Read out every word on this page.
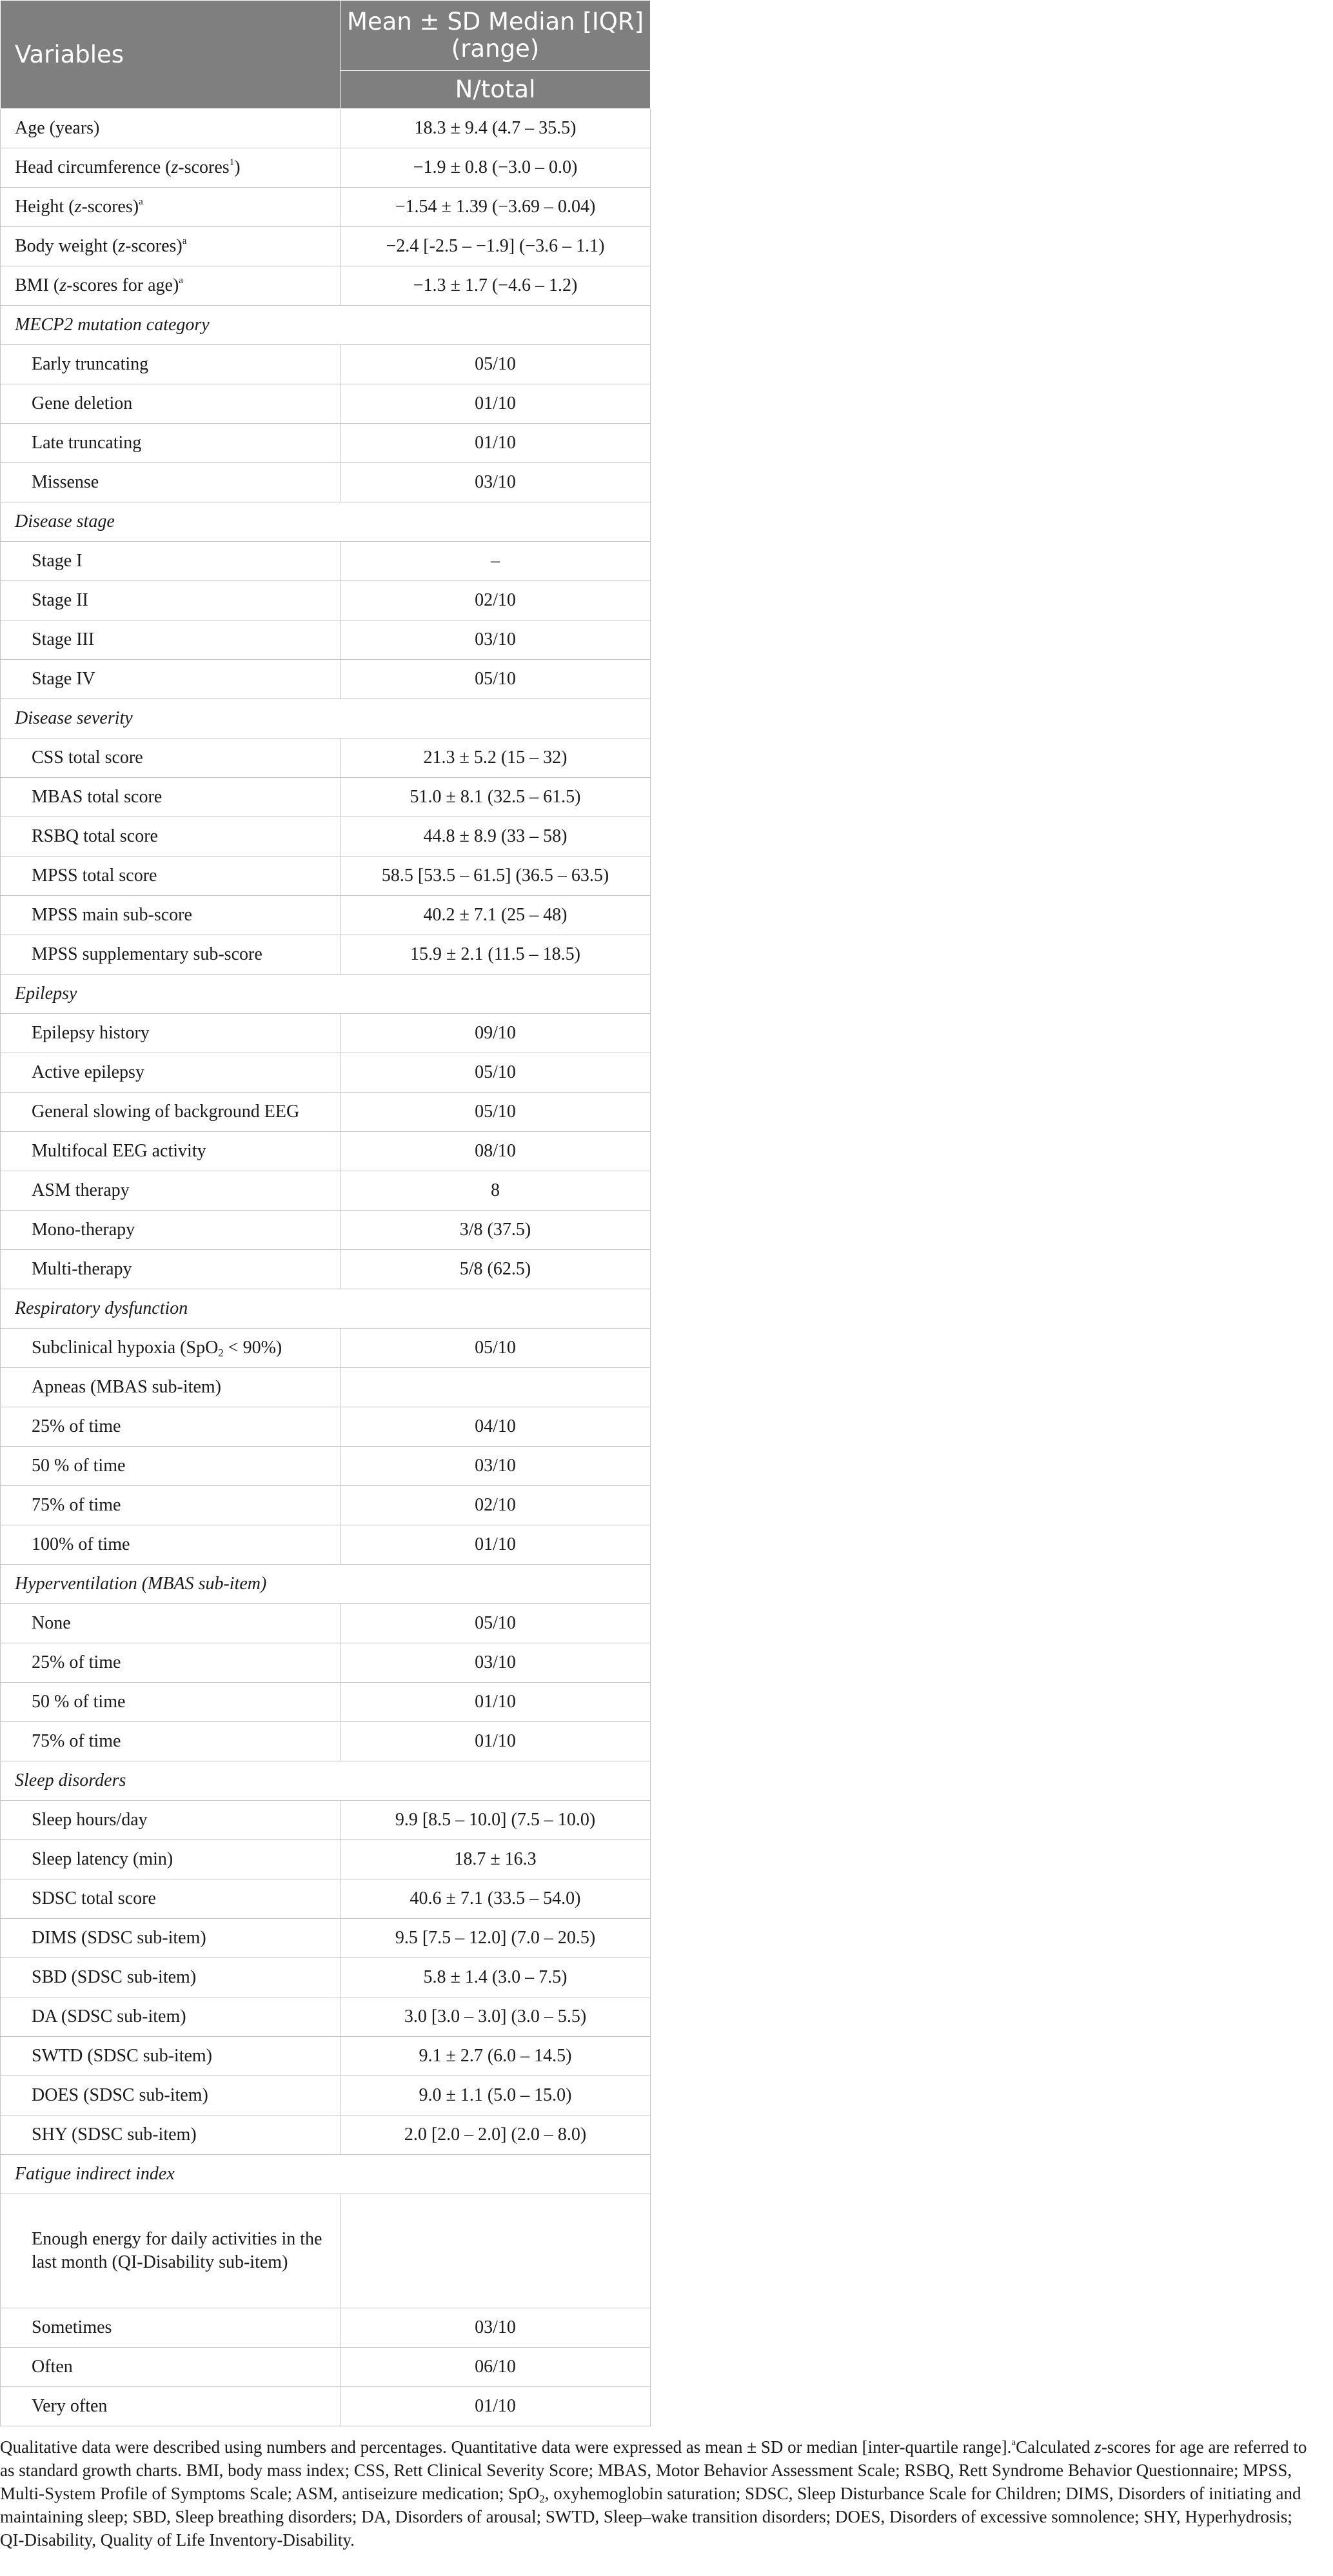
Variables	Mean ± SD Median [IQR] (range)
	N/total
Age (years)	18.3 ± 9.4 (4.7 – 35.5)
Head circumference (z-scores$^1$)	−1.9 ± 0.8 (−3.0 – 0.0)
Height (z-scores)$^a$	−1.54 ± 1.39 (−3.69 – 0.04)
Body weight (z-scores)$^a$	−2.4 [-2.5 – −1.9] (−3.6 – 1.1)
BMI (z-scores for age)$^a$	−1.3 ± 1.7 (−4.6 – 1.2)
MECP2 mutation category	
Early truncating	05/10
Gene deletion	01/10
Late truncating	01/10
Missense	03/10
Disease stage	
Stage I	–
Stage II	02/10
Stage III	03/10
Stage IV	05/10
Disease severity	
CSS total score	21.3 ± 5.2 (15 – 32)
MBAS total score	51.0 ± 8.1 (32.5 – 61.5)
RSBQ total score	44.8 ± 8.9 (33 – 58)
MPSS total score	58.5 [53.5 – 61.5] (36.5 – 63.5)
MPSS main sub-score	40.2 ± 7.1 (25 – 48)
MPSS supplementary sub-score	15.9 ± 2.1 (11.5 – 18.5)
Epilepsy	
Epilepsy history	09/10
Active epilepsy	05/10
General slowing of background EEG	05/10
Multifocal EEG activity	08/10
ASM therapy	8
Mono-therapy	3/8 (37.5)
Multi-therapy	5/8 (62.5)
Respiratory dysfunction	
Subclinical hypoxia (SpO$_2$ < 90%)	05/10
Apneas (MBAS sub-item)	
25% of time	04/10
50 % of time	03/10
75% of time	02/10
100% of time	01/10
Hyperventilation (MBAS sub-item)	
None	05/10
25% of time	03/10
50 % of time	01/10
75% of time	01/10
Sleep disorders	
Sleep hours/day	9.9 [8.5 – 10.0] (7.5 – 10.0)
Sleep latency (min)	18.7 ± 16.3
SDSC total score	40.6 ± 7.1 (33.5 – 54.0)
DIMS (SDSC sub-item)	9.5 [7.5 – 12.0] (7.0 – 20.5)
SBD (SDSC sub-item)	5.8 ± 1.4 (3.0 – 7.5)
DA (SDSC sub-item)	3.0 [3.0 – 3.0] (3.0 – 5.5)
SWTD (SDSC sub-item)	9.1 ± 2.7 (6.0 – 14.5)
DOES (SDSC sub-item)	9.0 ± 1.1 (5.0 – 15.0)
SHY (SDSC sub-item)	2.0 [2.0 – 2.0] (2.0 – 8.0)
Fatigue indirect index	
Enough energy for daily activities in the last month (QI-Disability sub-item)	
Sometimes	03/10
Often	06/10
Very often	01/10
Qualitative data were described using numbers and percentages. Quantitative data were expressed as mean ± SD or median [inter-quartile range].$^a$Calculated z-scores for age are referred to as standard growth charts. BMI, body mass index; CSS, Rett Clinical Severity Score; MBAS, Motor Behavior Assessment Scale; RSBQ, Rett Syndrome Behavior Questionnaire; MPSS, Multi-System Profile of Symptoms Scale; ASM, antiseizure medication; SpO$_2$, oxyhemoglobin saturation; SDSC, Sleep Disturbance Scale for Children; DIMS, Disorders of initiating and maintaining sleep; SBD, Sleep breathing disorders; DA, Disorders of arousal; SWTD, Sleep–wake transition disorders; DOES, Disorders of excessive somnolence; SHY, Hyperhydrosis; QI-Disability, Quality of Life Inventory-Disability.
